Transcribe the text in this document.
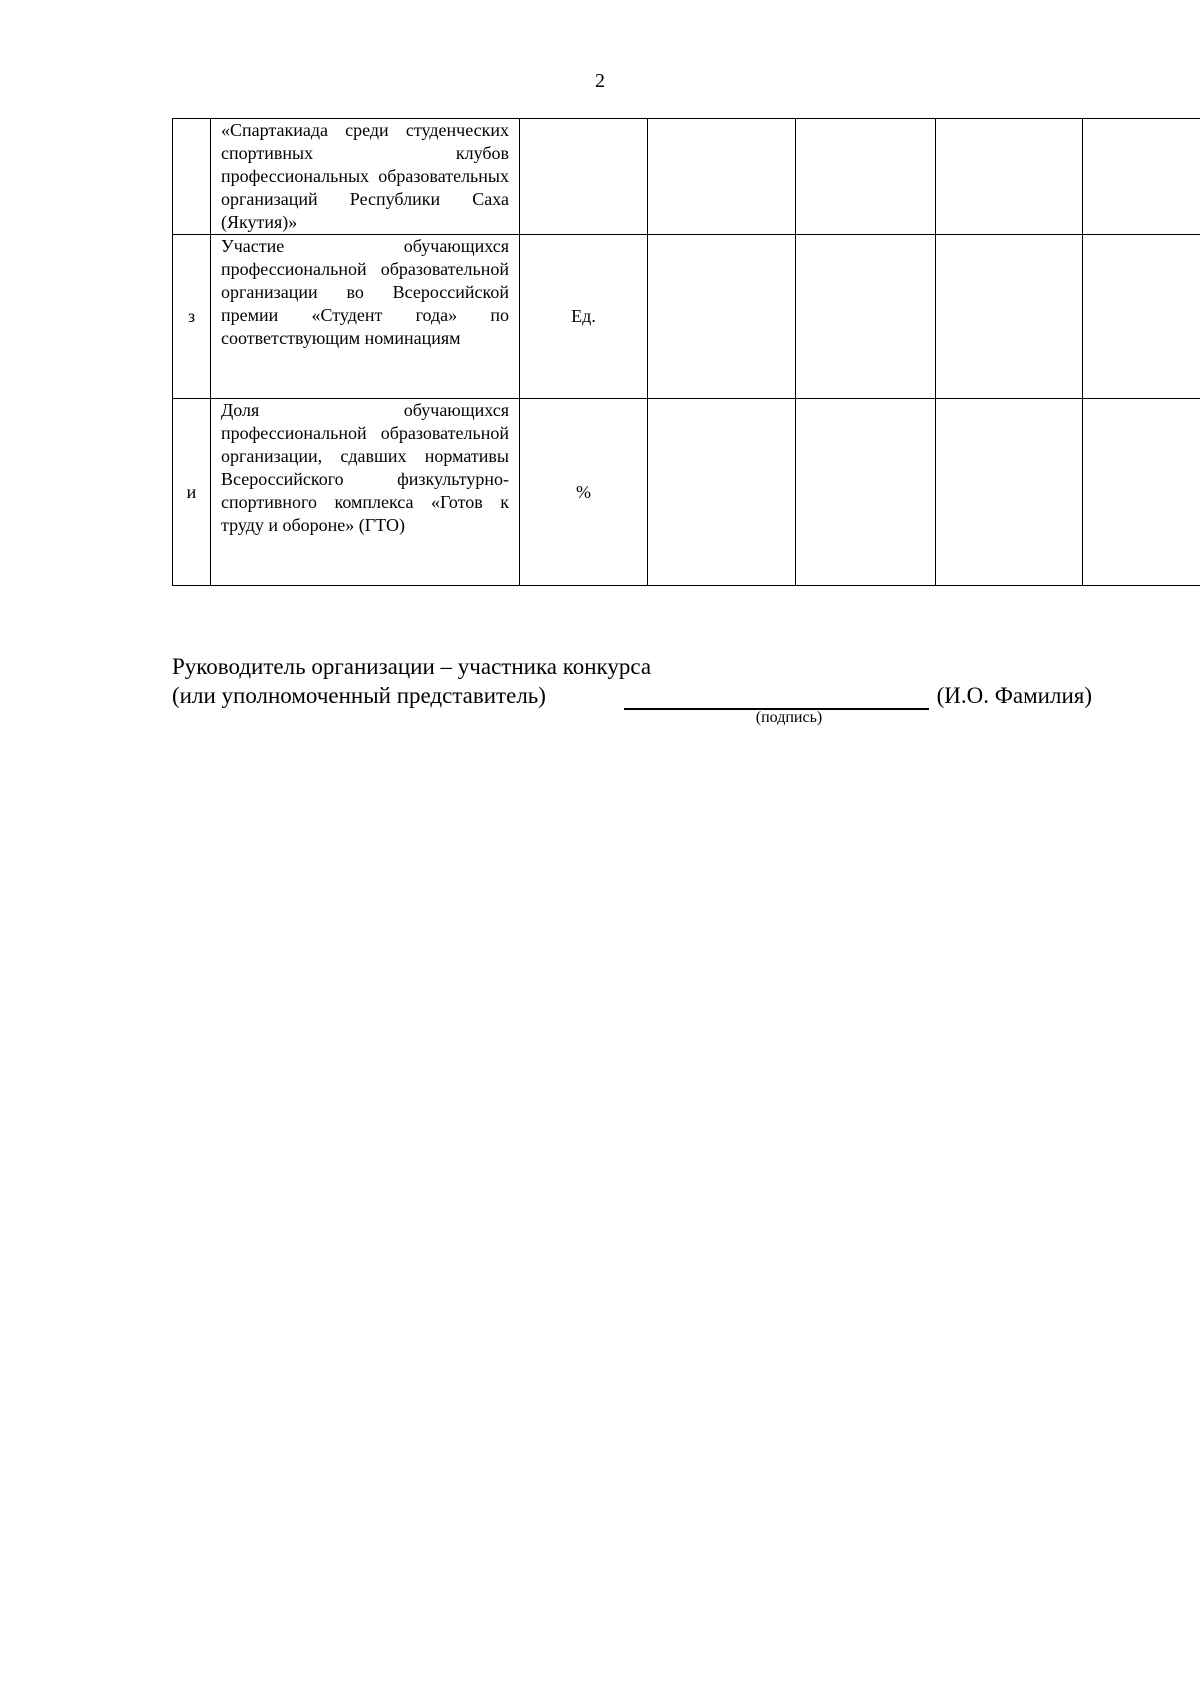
2

	«Спартакиада среди студенческих спортивных клубов профессиональных образовательных организаций Республики Саха (Якутия)»					

з	Участие обучающихся профессиональной образовательной организации во Всероссийской премии «Студент года» по соответствующим номинациям	Ед.				
и	Доля обучающихся профессиональной образовательной организации, сдавших нормативы Всероссийского физкультурно-спортивного комплекса «Готов к труду и обороне» (ГТО)	%				
Руководитель организации – участника конкурса
(или уполномоченный представитель)	(И.О. Фамилия)
(подпись)
